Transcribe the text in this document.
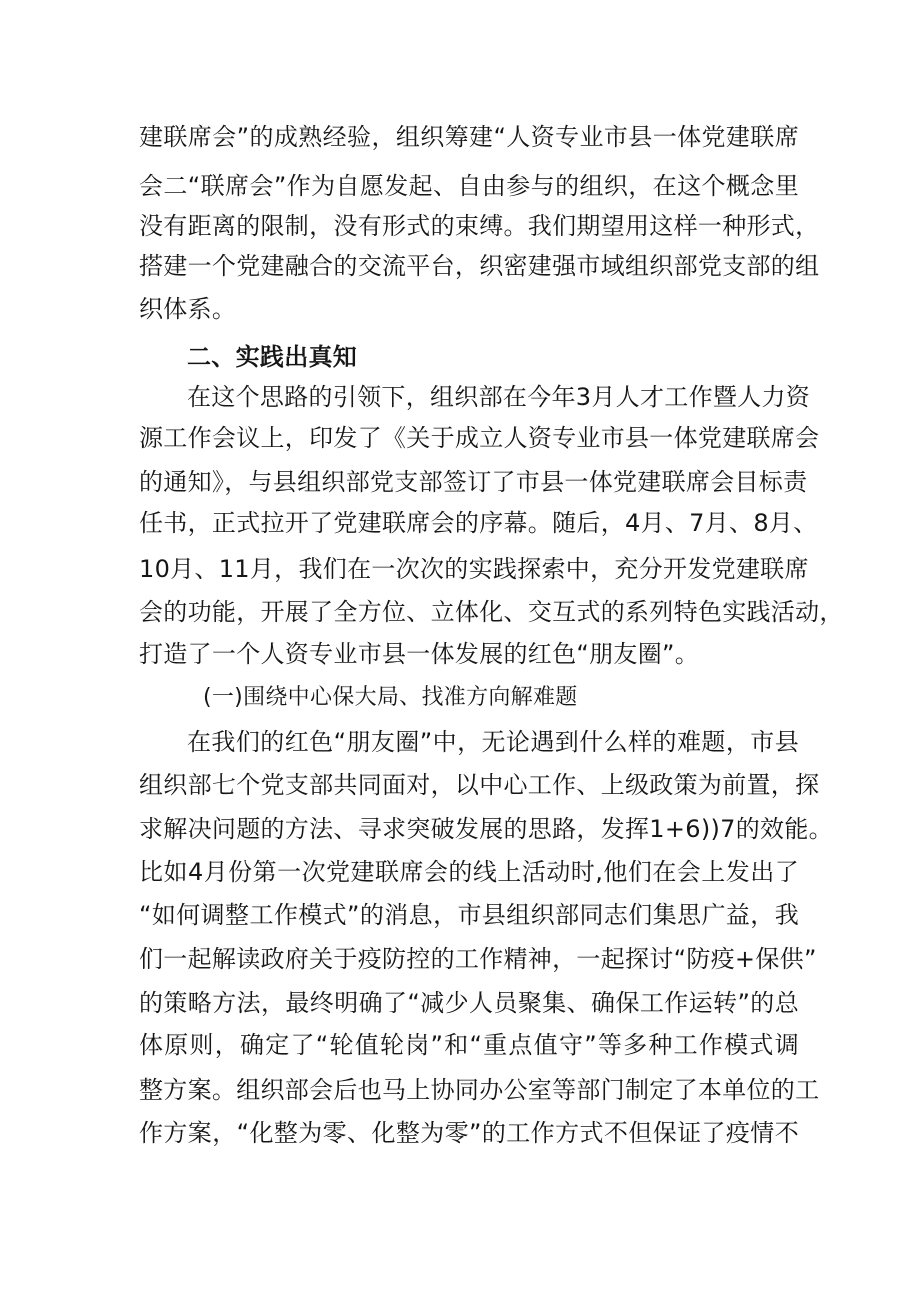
建联席会”的成熟经验，组织筹建“人资专业市县一体党建联席
会二“联席会”作为自愿发起、自由参与的组织，在这个概念里
没有距离的限制，没有形式的束缚。我们期望用这样一种形式，
搭建一个党建融合的交流平台，织密建强市域组织部党支部的组
织体系。
二、实践出真知
在这个思路的引领下，组织部在今年3月人才工作暨人力资
源工作会议上，印发了《关于成立人资专业市县一体党建联席会
的通知》，与县组织部党支部签订了市县一体党建联席会目标责
任书，正式拉开了党建联席会的序幕。随后，4月、7月、8月、
10月、11月，我们在一次次的实践探索中，充分开发党建联席
会的功能，开展了全方位、立体化、交互式的系列特色实践活动，
打造了一个人资专业市县一体发展的红色“朋友圈”。
(一)围绕中心保大局、找准方向解难题
在我们的红色“朋友圈”中，无论遇到什么样的难题，市县
组织部七个党支部共同面对，以中心工作、上级政策为前置，探
求解决问题的方法、寻求突破发展的思路，发挥1+6))7的效能。
比如4月份第一次党建联席会的线上活动时,他们在会上发出了
“如何调整工作模式”的消息，市县组织部同志们集思广益，我
们一起解读政府关于疫防控的工作精神，一起探讨“防疫+保供”
的策略方法，最终明确了“减少人员聚集、确保工作运转”的总
体原则，确定了“轮值轮岗”和“重点值守”等多种工作模式调
整方案。组织部会后也马上协同办公室等部门制定了本单位的工
作方案，“化整为零、化整为零”的工作方式不但保证了疫情不
